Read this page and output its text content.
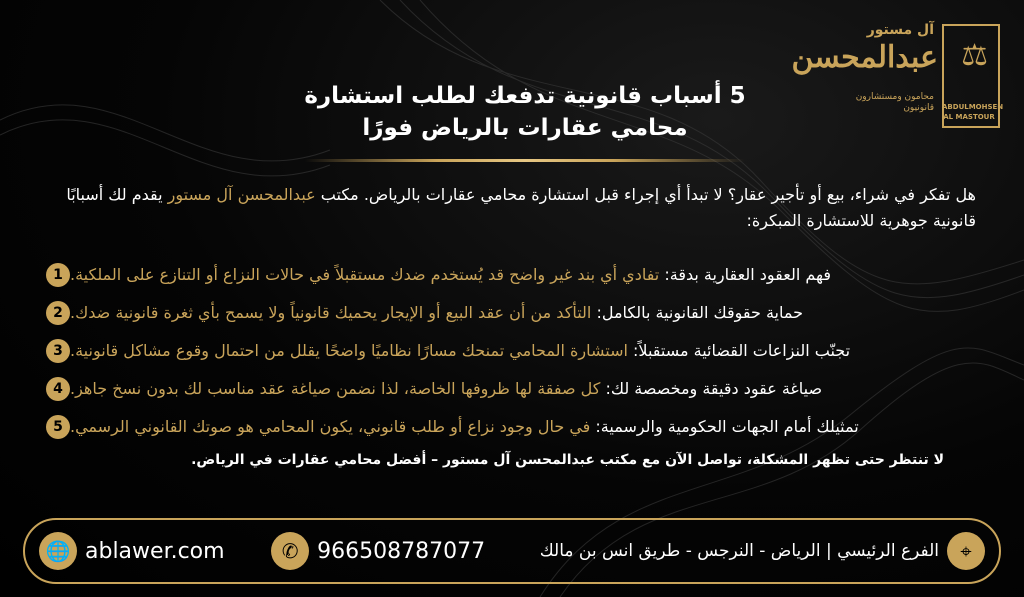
⚖
ABDULMOHSEN AL MASTOUR
آل مستور
عبدالمحسن
محامون ومستشارون قانونيون
5 أسباب قانونية تدفعك لطلب استشارة
محامي عقارات بالرياض فورًا
هل تفكر في شراء، بيع أو تأجير عقار؟ لا تبدأ أي إجراء قبل استشارة محامي عقارات بالرياض. مكتب عبدالمحسن آل مستور يقدم لك أسبابًا قانونية جوهرية للاستشارة المبكرة:
1	فهم العقود العقارية بدقة: تفادي أي بند غير واضح قد يُستخدم ضدك مستقبلاً في حالات النزاع أو التنازع على الملكية.
2	حماية حقوقك القانونية بالكامل: التأكد من أن عقد البيع أو الإيجار يحميك قانونياً ولا يسمح بأي ثغرة قانونية ضدك.
3	تجنّب النزاعات القضائية مستقبلاً: استشارة المحامي تمنحك مسارًا نظاميًا واضحًا يقلل من احتمال وقوع مشاكل قانونية.
4	صياغة عقود دقيقة ومخصصة لك: كل صفقة لها ظروفها الخاصة، لذا نضمن صياغة عقد مناسب لك بدون نسخ جاهز.
5	تمثيلك أمام الجهات الحكومية والرسمية: في حال وجود نزاع أو طلب قانوني، يكون المحامي هو صوتك القانوني الرسمي.
لا تنتظر حتى تظهر المشكلة، تواصل الآن مع مكتب عبدالمحسن آل مستور – أفضل محامي عقارات في الرياض.
🌐 ablawer.com	✆ 966508787077	الفرع الرئيسي | الرياض - النرجس - طريق انس بن مالك	⌖
